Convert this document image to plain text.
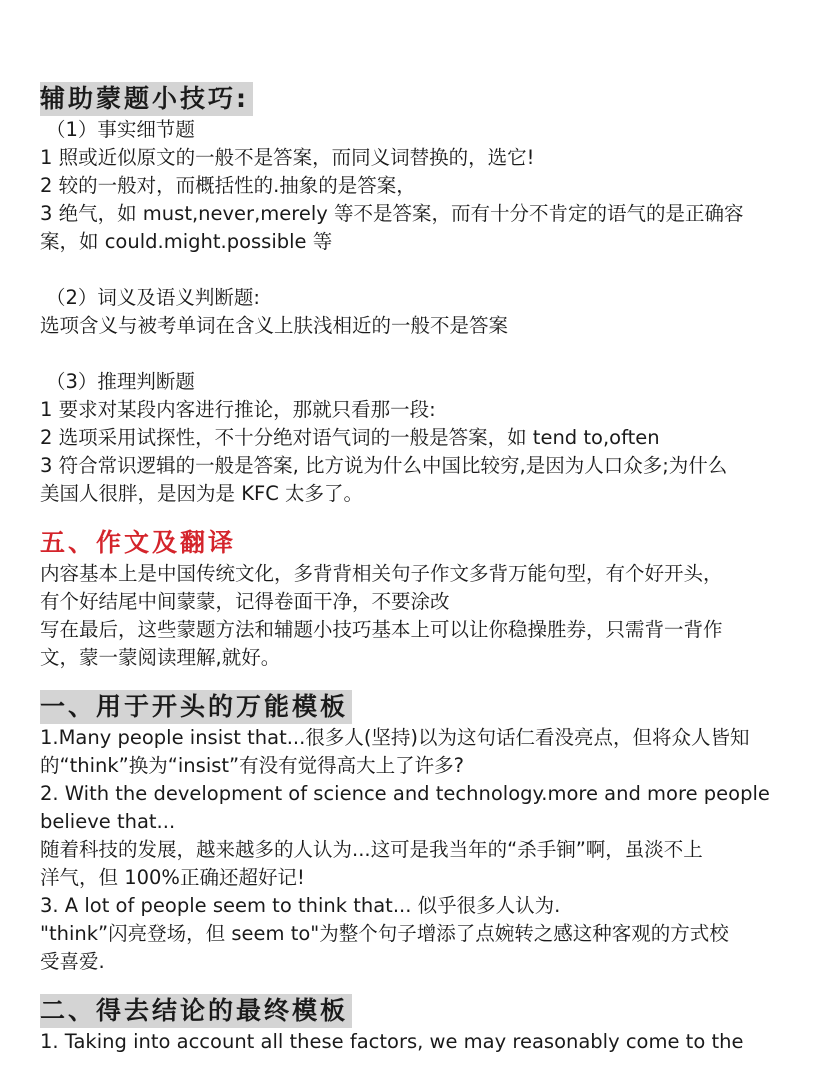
辅助蒙题小技巧:
（1）事实细节题
1 照或近似原文的一般不是答案，而同义词替换的，选它!
2 较的一般对，而概括性的.抽象的是答案，
3 绝气，如 must,never,merely 等不是答案，而有十分不肯定的语气的是正确容
案，如 could.might.possible 等
（2）词义及语义判断题:
选项含义与被考单词在含义上肤浅相近的一般不是答案
（3）推理判断题
1 要求对某段内客进行推论，那就只看那一段:
2 选项采用试探性，不十分绝对语气词的一般是答案，如 tend to,often
3 符合常识逻辑的一般是答案, 比方说为什么中国比较穷,是因为人口众多;为什么
美国人很胖，是因为是 KFC 太多了。
五、作文及翻译
内容基本上是中国传统文化，多背背相关句子作文多背万能句型，有个好开头，
有个好结尾中间蒙蒙，记得卷面干净，不要涂改
写在最后，这些蒙题方法和辅题小技巧基本上可以让你稳操胜券，只需背一背作
文，蒙一蒙阅读理解,就好。
一、用于开头的万能模板
1.Many people insist that...很多人(坚持)以为这句话仁看没亮点，但将众人皆知
的“think”换为“insist”有没有觉得高大上了许多?
2. With the development of science and technology.more and more people
believe that...
随着科技的发展，越来越多的人认为...这可是我当年的“杀手锏”啊，虽淡不上
洋气，但 100%正确还超好记!
3. A lot of people seem to think that... 似乎很多人认为.
"think”闪亮登场，但 seem to"为整个句子增添了点婉转之感这种客观的方式校
受喜爱.
二、得去结论的最终模板
1. Taking into account all these factors, we may reasonably come to the
